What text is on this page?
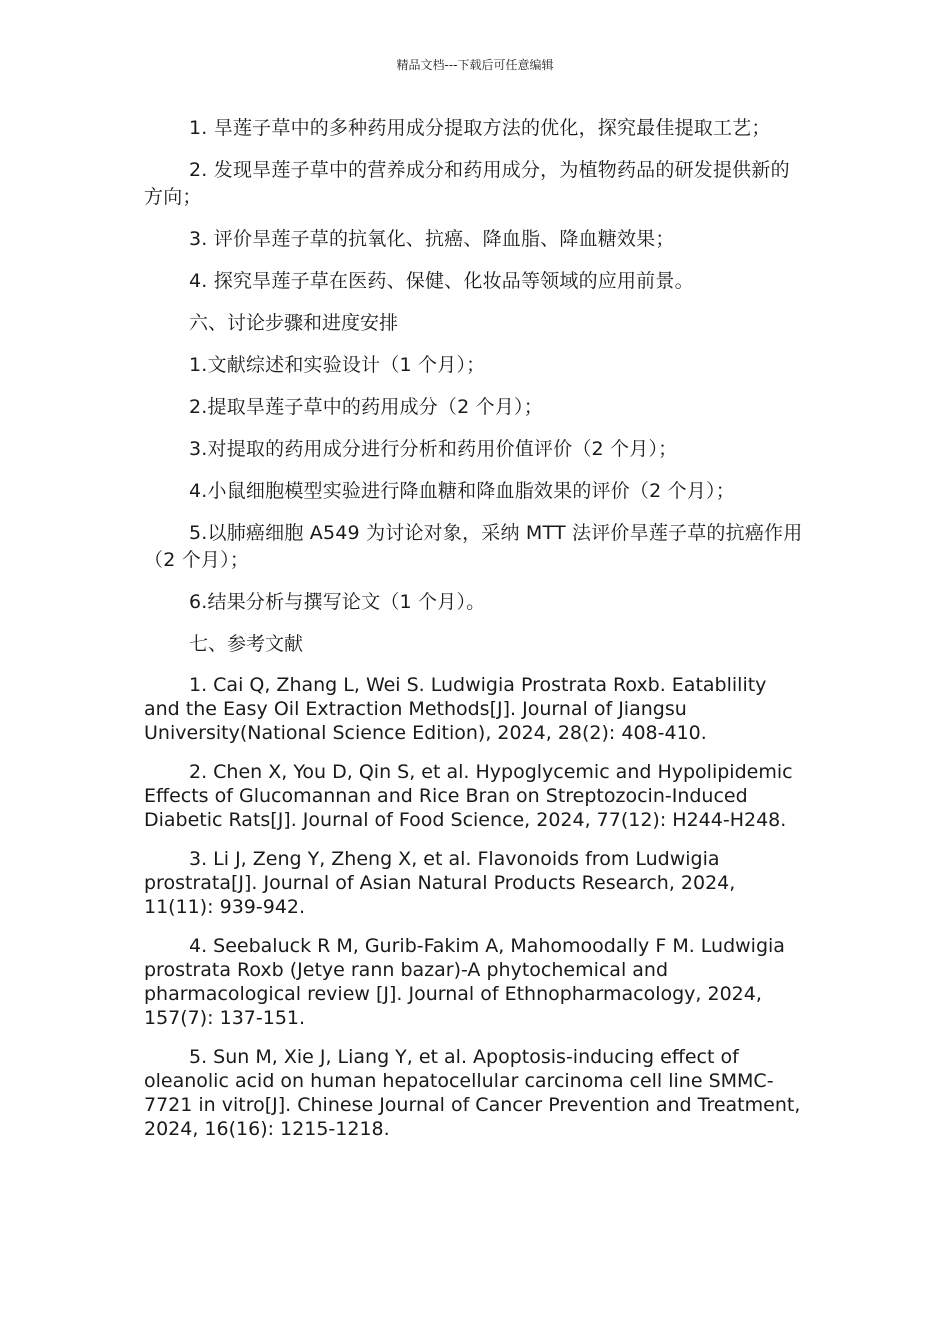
精品文档---下载后可任意编辑

1. 旱莲子草中的多种药用成分提取方法的优化，探究最佳提取工艺；

2. 发现旱莲子草中的营养成分和药用成分，为植物药品的研发提供新的方向；

3. 评价旱莲子草的抗氧化、抗癌、降血脂、降血糖效果；

4. 探究旱莲子草在医药、保健、化妆品等领域的应用前景。

六、讨论步骤和进度安排

1.文献综述和实验设计（1 个月）；

2.提取旱莲子草中的药用成分（2 个月）；

3.对提取的药用成分进行分析和药用价值评价（2 个月）；

4.小鼠细胞模型实验进行降血糖和降血脂效果的评价（2 个月）；

5.以肺癌细胞 A549 为讨论对象，采纳 MTT 法评价旱莲子草的抗癌作用（2 个月）；

6.结果分析与撰写论文（1 个月）。

七、参考文献

1. Cai Q, Zhang L, Wei S. Ludwigia Prostrata Roxb. Eatablility and the Easy Oil Extraction Methods[J]. Journal of Jiangsu University(National Science Edition), 2024, 28(2): 408-410.

2. Chen X, You D, Qin S, et al. Hypoglycemic and Hypolipidemic Effects of Glucomannan and Rice Bran on Streptozocin-Induced Diabetic Rats[J]. Journal of Food Science, 2024, 77(12): H244-H248.

3. Li J, Zeng Y, Zheng X, et al. Flavonoids from Ludwigia prostrata[J]. Journal of Asian Natural Products Research, 2024, 11(11): 939-942.

4. Seebaluck R M, Gurib-Fakim A, Mahomoodally F M. Ludwigia prostrata Roxb (Jetye rann bazar)-A phytochemical and pharmacological review [J]. Journal of Ethnopharmacology, 2024, 157(7): 137-151.

5. Sun M, Xie J, Liang Y, et al. Apoptosis-inducing effect of oleanolic acid on human hepatocellular carcinoma cell line SMMC-7721 in vitro[J]. Chinese Journal of Cancer Prevention and Treatment, 2024, 16(16): 1215-1218.
